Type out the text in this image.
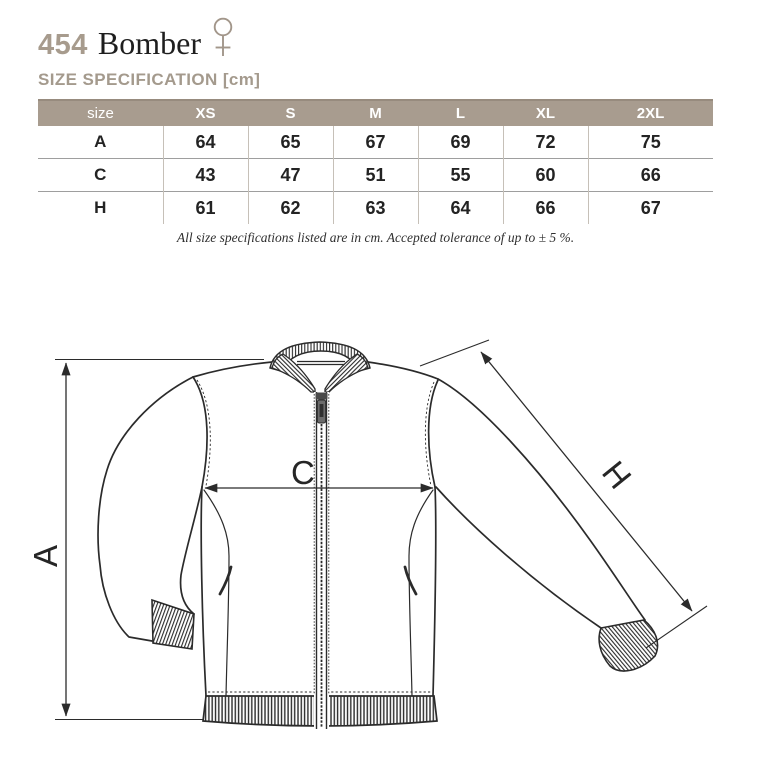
454 Bomber
SIZE SPECIFICATION [cm]
size	XS	S	M	L	XL	2XL
A	64	65	67	69	72	75
C	43	47	51	55	60	66
H	61	62	63	64	66	67
All size specifications listed are in cm. Accepted tolerance of up to ± 5 %.
A
C	H
